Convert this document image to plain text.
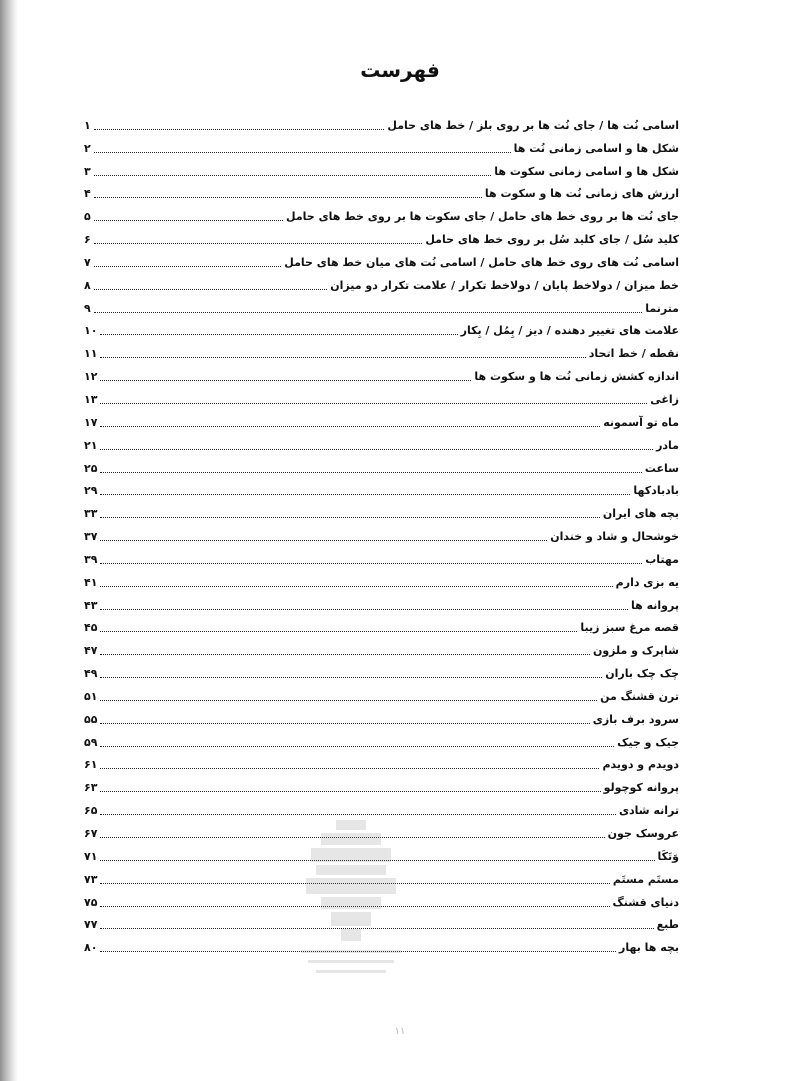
فهرست
اسامی نُت ها / جای نُت ها بر روی بلز / خط های حامل
۱
شکل ها و اسامی زمانی نُت ها
۲
شکل ها و اسامی زمانی سکوت ها
۳
ارزش های زمانی نُت ها و سکوت ها
۴
جای نُت ها بر روی خط های حامل / جای سکوت ها بر روی خط های حامل
۵
کلید سُل / جای کلید سُل بر روی خط های حامل
۶
اسامی نُت های روی خط های حامل / اسامی نُت های میان خط های حامل
۷
خط میزان / دولاخط پایان / دولاخط تکرار / علامت تکرار دو میزان
۸
مترنما
۹
علامت های تغییر دهنده / دیز / بِمُل / بِکار
۱۰
نقطه / خط اتحاد
۱۱
اندازه کشش زمانی نُت ها و سکوت ها
۱۲
زاغی
۱۳
ماه تو آسمونه
۱۷
مادر
۲۱
ساعت
۲۵
بادبادکها
۲۹
بچه های ایران
۳۳
خوشحال و شاد و خندان
۳۷
مهتاب
۳۹
یه بزی دارم
۴۱
پروانه ها
۴۳
قصه مرغ سبز زیبا
۴۵
شاپرک و ملزون
۴۷
چک چک باران
۴۹
ترن قشنگ من
۵۱
سرود برف بازی
۵۵
جیک و جیک
۵۹
دویدم و دویدم
۶۱
پروانه کوچولو
۶۳
ترانه شادی
۶۵
عروسک جون
۶۷
وَتَکَا
۷۱
مستَم مستَم
۷۳
دنیای قشنگ
۷۵
طبع
۷۷
بچه ها بهار
۸۰
۱۱
